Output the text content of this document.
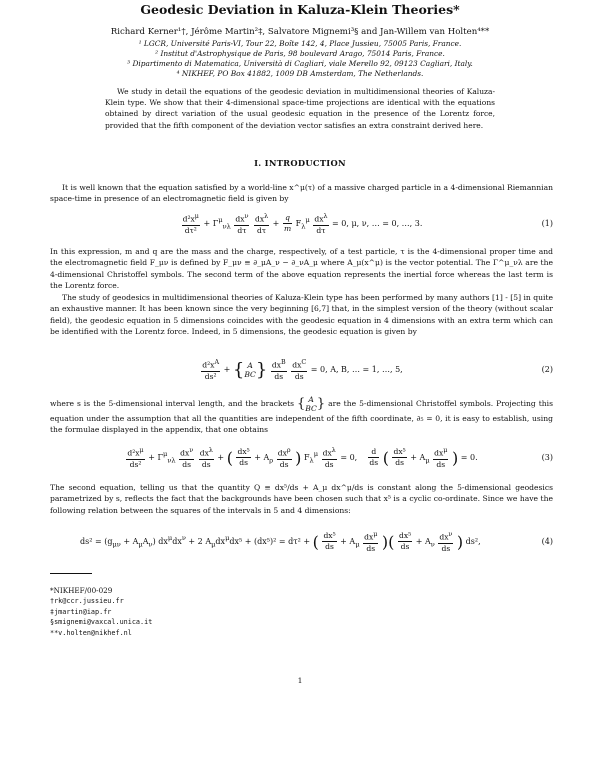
Geodesic Deviation in Kaluza-Klein Theories*
Richard Kerner¹†, Jérôme Martin²‡, Salvatore Mignemi³§ and Jan-Willem van Holten⁴**
¹ LGCR, Université Paris-VI, Tour 22, Boîte 142, 4, Place Jussieu, 75005 Paris, France.
² Institut d'Astrophysique de Paris, 98 boulevard Arago, 75014 Paris, France.
³ Dipartimento di Matematica, Università di Cagliari, viale Merello 92, 09123 Cagliari, Italy.
⁴ NIKHEF, PO Box 41882, 1009 DB Amsterdam, The Netherlands.

We study in detail the equations of the geodesic deviation in multidimensional theories of Kaluza-Klein type. We show that their 4-dimensional space-time projections are identical with the equations obtained by direct variation of the usual geodesic equation in the presence of the Lorentz force, provided that the fifth component of the deviation vector satisfies an extra constraint derived here.

I. INTRODUCTION

It is well known that the equation satisfied by a world-line x^μ(τ) of a massive charged particle in a 4-dimensional Riemannian space-time in presence of an electromagnetic field is given by

$\frac{d^2x^\mu}{\text{dτ²}} + \Gamma^\mu_{\nu\lambda} \frac{dx^\nu}{d\tau}$
$\frac{dx^\lambda}{d\tau} + \frac{q}{m} F_\lambda^\mu \frac{dx^\lambda}{d\tau} = 0$, μ, ν, … = 0, …, 3.	(1)

In this expression, m and q are the mass and the charge, respectively, of a test particle, τ is the 4-dimensional proper time and the electromagnetic field F_μν is defined by F_μν ≡ ∂_μA_ν − ∂_νA_μ where A_μ(x^μ) is the vector potential. The Γ^μ_νλ are the 4-dimensional Christoffel symbols. The second term of the above equation represents the inertial force whereas the last term is the Lorentz force.

The study of geodesics in multidimensional theories of Kaluza-Klein type has been performed by many authors [1] - [5] in quite an exhaustive manner. It has been known since the very beginning [6,7] that, in the simplest version of the theory (without scalar field), the geodesic equation in 5 dimensions coincides with the geodesic equation in 4 dimensions with an extra term which can be identified with the Lorentz force. Indeed, in 5 dimensions, the geodesic equation is given by

$\frac{d^2x^A}{\text{ds²}}$ + { A
$BC\} \frac{dx^B}{ds}$
$\frac{dx^C}{ds} = 0$, A, B, … = 1, …, 5,	(2)

where s is the 5-dimensional interval length, and the brackets { A
BC} are the 5-dimensional Christoffel symbols. Projecting this equation under the assumption that all the quantities are independent of the fifth coordinate, ∂₅ = 0, it is easy to establish, using the formulae displayed in the appendix, that one obtains

$\frac{d^2x^\mu}{\text{ds²}} + \Gamma^\mu_{\nu\lambda} \frac{dx^\nu}{ds}$
$\frac{dx^\lambda}{ds}$ + ( $\frac{\text{dx⁵}}{ds} + A_\rho \frac{dx^\rho}{ds}$ ) $F_\lambda^\mu \frac{dx^\lambda}{ds} = 0$, $\frac{d}{ds}$ ( $\frac{\text{dx⁵}}{ds} + A_\mu \frac{dx^\mu}{ds}$ ) = 0.	(3)

The second equation, telling us that the quantity Q ≡ dx⁵/ds + A_μ dx^μ/ds is constant along the 5-dimensional geodesics parametrized by s, reflects the fact that the backgrounds have been chosen such that x⁵ is a cyclic co-ordinate. Since we have the following relation between the squares of the intervals in 5 and 4 dimensions:

$ds^2 = (g_{\mu\nu} + A_\mu A_\nu) dx^\mu dx^\nu + 2$ $A_\mu dx^\mu dx^5 + (dx^5)^2 = d\tau^2$ + ( $\frac{\text{dx⁵}}{ds} + A_\mu \frac{dx^\mu}{ds}$ )( $\frac{\text{dx⁵}}{ds} + A_\nu \frac{dx^\nu}{ds}$ ) ds²,	(4)
*NIKHEF/00-029
†rk@ccr.jussieu.fr
‡jmartin@iap.fr
§smignemi@vaxcal.unica.it
**v.holten@nikhef.nl
1
